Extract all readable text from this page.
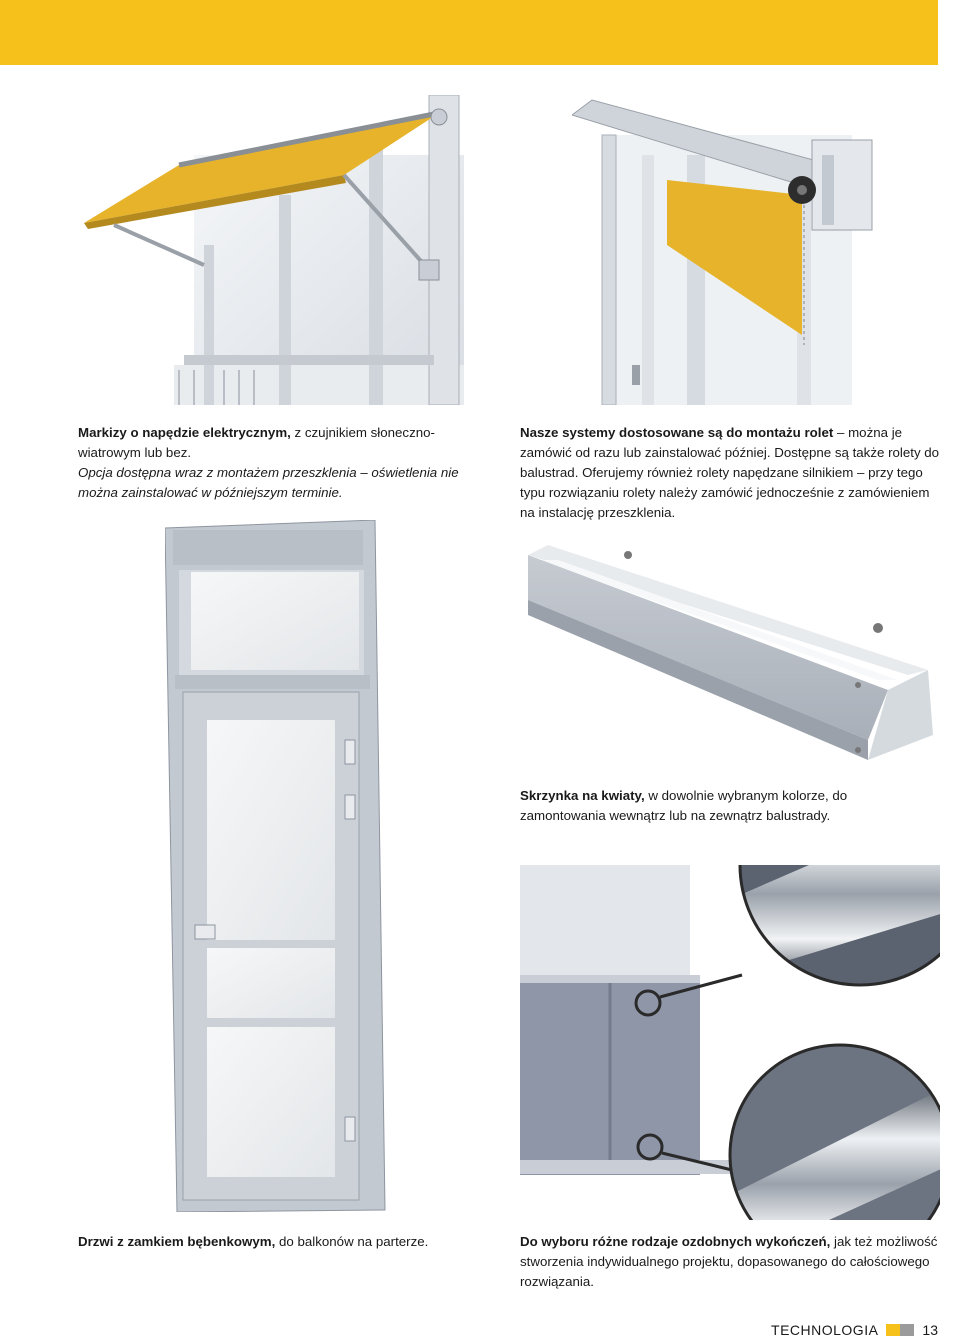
Markizy o napędzie elektrycznym, z czujnikiem słoneczno-wiatrowym lub bez.
Opcja dostępna wraz z montażem przeszklenia – oświetlenia nie można zainstalować w późniejszym terminie.
Nasze systemy dostosowane są do montażu rolet – można je zamówić od razu lub zainstalować później. Dostępne są także rolety do balustrad. Oferujemy również rolety napędzane silnikiem – przy tego typu rozwiązaniu rolety należy zamówić jednocześnie z zamówieniem na instalację przeszklenia.
Skrzynka na kwiaty, w dowolnie wybranym kolorze, do zamontowania wewnątrz lub na zewnątrz balustrady.
Drzwi z zamkiem bębenkowym, do balkonów na parterze.	Do wyboru różne rodzaje ozdobnych wykończeń, jak też możliwość stworzenia indywidualnego projektu, dopasowanego do całościowego rozwiązania.
TECHNOLOGIA	13
